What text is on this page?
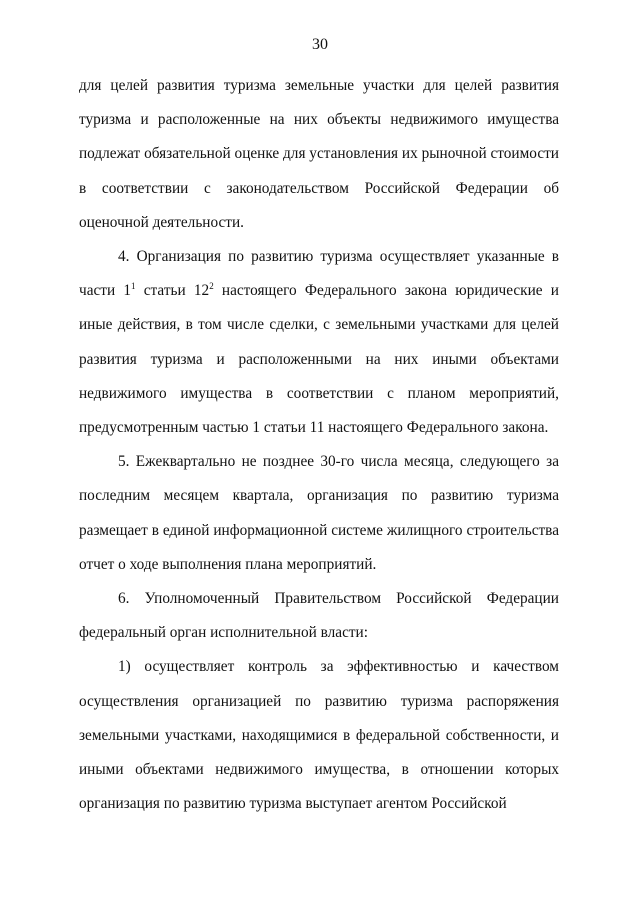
30

для целей развития туризма земельные участки для целей развития туризма и расположенные на них объекты недвижимого имущества подлежат обязательной оценке для установления их рыночной стоимости в соответствии с законодательством Российской Федерации об оценочной деятельности.

4. Организация по развитию туризма осуществляет указанные в части $1^1$ статьи $12^2$ настоящего Федерального закона юридические и иные действия, в том числе сделки, с земельными участками для целей развития туризма и расположенными на них иными объектами недвижимого имущества в соответствии с планом мероприятий, предусмотренным частью 1 статьи 11 настоящего Федерального закона.

5. Ежеквартально не позднее 30-го числа месяца, следующего за последним месяцем квартала, организация по развитию туризма размещает в единой информационной системе жилищного строительства отчет о ходе выполнения плана мероприятий.

6. Уполномоченный Правительством Российской Федерации федеральный орган исполнительной власти:

1) осуществляет контроль за эффективностью и качеством осуществления организацией по развитию туризма распоряжения земельными участками, находящимися в федеральной собственности, и иными объектами недвижимого имущества, в отношении которых организация по развитию туризма выступает агентом Российской
